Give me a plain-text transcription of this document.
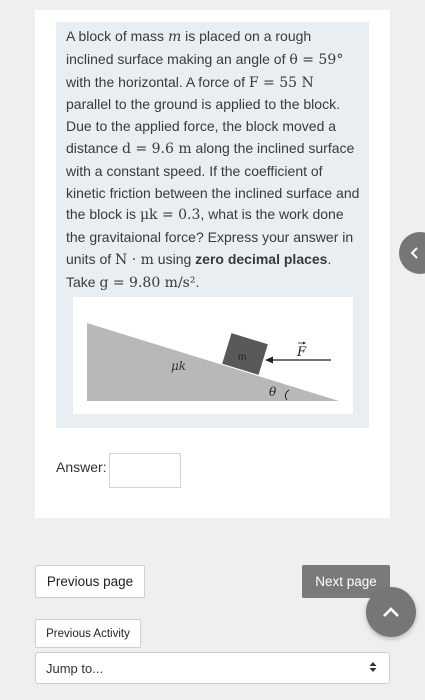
A block of mass m is placed on a rough inclined surface making an angle of θ = 59° with the horizontal. A force of F = 55 N parallel to the ground is applied to the block. Due to the applied force, the block moved a distance d = 9.6 m along the inclined surface with a constant speed. If the coefficient of kinetic friction between the inclined surface and the block is μk = 0.3, what is the work done the gravitaional force? Express your answer in units of N · m using zero decimal places. Take g = 9.80 m/s².
m	F
μk
θ
Answer:
Previous page	Next page
Previous Activity
Jump to...
